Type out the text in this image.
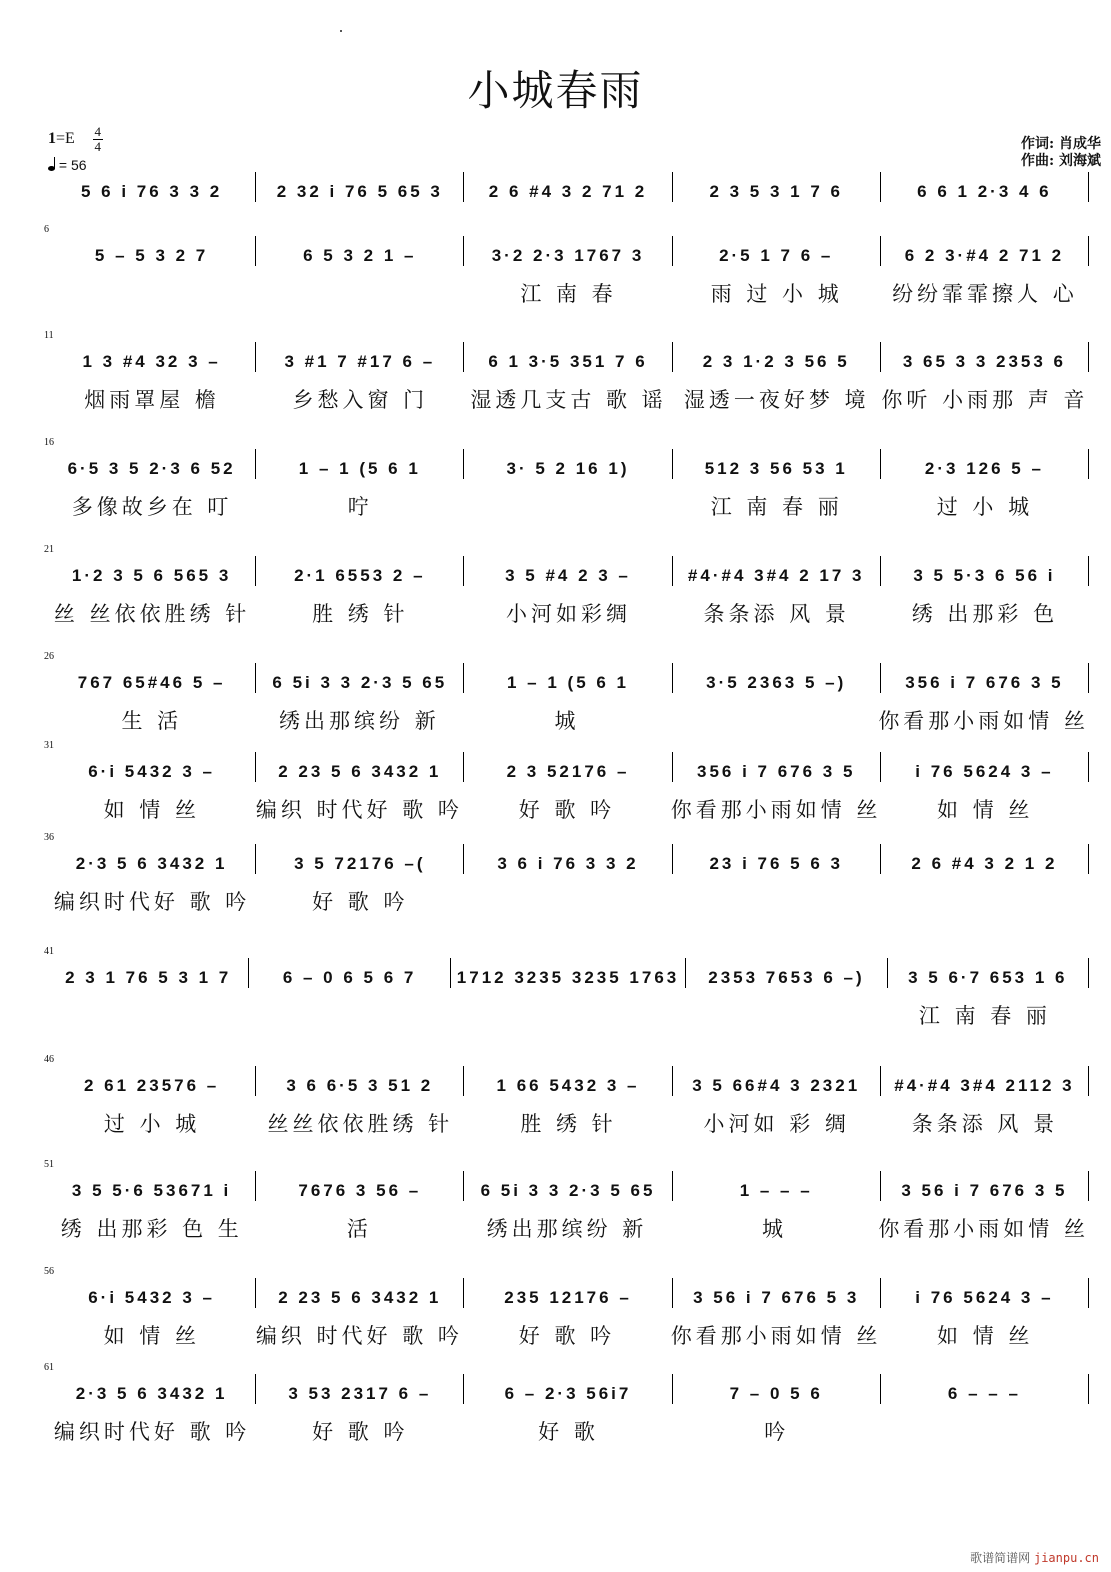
小城春雨
$1=E \frac{4}{4}$
= 56
作词: 肖成华
作曲: 刘海斌
5 6 i 76 3 3 2	2 32 i 76 5 65 3	2 6 #4 3 2 71 2	2 3 5 3 1 7 6	6 6 1 2·3 4 6
6
5 – 5 3 2 7	6 5 3 2 1 –	3·2 2·3 1767 3	2·5 1 7 6 –	6 2 3·#4 2 71 2
江 南 春	雨 过 小 城	纷纷霏霏擦人 心
11
1 3 #4 32 3 –	3 #1 7 #17 6 –	6 1 3·5 351 7 6	2 3 1·2 3 56 5	3 65 3 3 2353 6
烟雨罩屋 檐	乡愁入窗 门	湿透几支古 歌 谣 湿透一夜好梦 境 你听 小雨那 声 音
16
6·5 3 5 2·3 6 52	1 – 1 (5 6 1	3· 5 2 16 1)	512 3 56 53 1	2·3 126 5 –
多像故乡在 叮	咛	江 南 春 丽	过 小 城
21
1·2 3 5 6 565 3	2·1 6553 2 –	3 5 #4 2 3 –	#4·#4 3#4 2 17 3	3 5 5·3 6 56 i
丝 丝依依胜绣 针	胜 绣 针	小河如彩绸	条条添 风 景	绣 出那彩 色
26
767 65#46 5 –	6 5i 3 3 2·3 5 65	1 – 1 (5 6 1	3·5 2363 5 –)	356 i 7 676 3 5
生 活	绣出那缤纷 新	城	你看那小雨如情 丝
31
6·i 5432 3 –	2 23 5 6 3432 1	2 3 52176 –	356 i 7 676 3 5	i 76 5624 3 –
如 情 丝	编织 时代好 歌 吟	好 歌 吟	你看那小雨如情 丝	如 情 丝
36
2·3 5 6 3432 1	3 5 72176 –(	3 6 i 76 3 3 2	23 i 76 5 6 3	2 6 #4 3 2 1 2
编织时代好 歌 吟	好 歌 吟
41
2 3 1 76 5 3 1 7	6 – 0 6 5 6 7	1712 3235 3235 1763	2353 7653 6 –)	3 5 6·7 653 1 6
江 南 春 丽
46
2 61 23576 –	3 6 6·5 3 51 2	1 66 5432 3 –	3 5 66#4 3 2321	#4·#4 3#4 2112 3
过 小 城	丝丝依依胜绣 针	胜 绣 针	小河如 彩 绸	条条添 风 景
51
3 5 5·6 53671 i	7676 3 56 –	6 5i 3 3 2·3 5 65	1 – – –	3 56 i 7 676 3 5
绣 出那彩 色 生	活	绣出那缤纷 新	城	你看那小雨如情 丝
56
6·i 5432 3 –	2 23 5 6 3432 1	235 12176 –	3 56 i 7 676 5 3	i 76 5624 3 –
如 情 丝	编织 时代好 歌 吟	好 歌 吟	你看那小雨如情 丝	如 情 丝
61
2·3 5 6 3432 1	3 53 2317 6 –	6 – 2·3 56i7	7 – 0 5 6	6 – – –
编织时代好 歌 吟	好 歌 吟	好 歌	吟
歌谱简谱网 jianpu.cn
